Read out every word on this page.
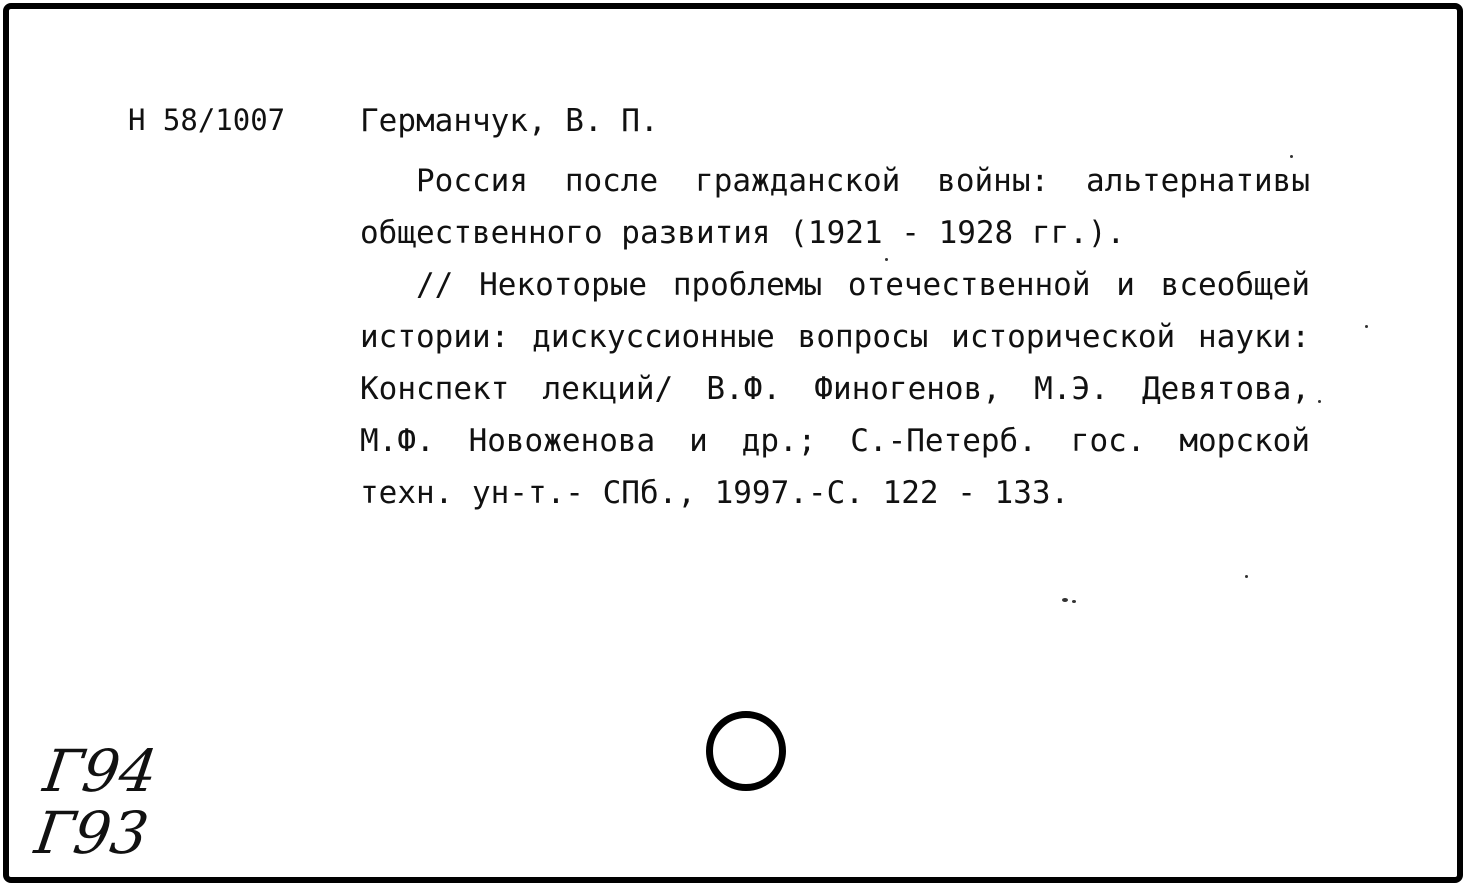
Н 58/1007 Германчук, В. П.

Россия после гражданской войны: альтернативы общественного развития (1921 - 1928 гг.).

// Некоторые проблемы отечественной и всеобщей истории: дискуссионные вопросы исторической науки: Конспект лекций/ В.Ф. Финогенов, М.Э. Девятова, М.Ф. Новоженова и др.; С.-Петерб. гос. морской техн. ун-т.- СПб., 1997.-С. 122 - 133.

Г94
Г93
